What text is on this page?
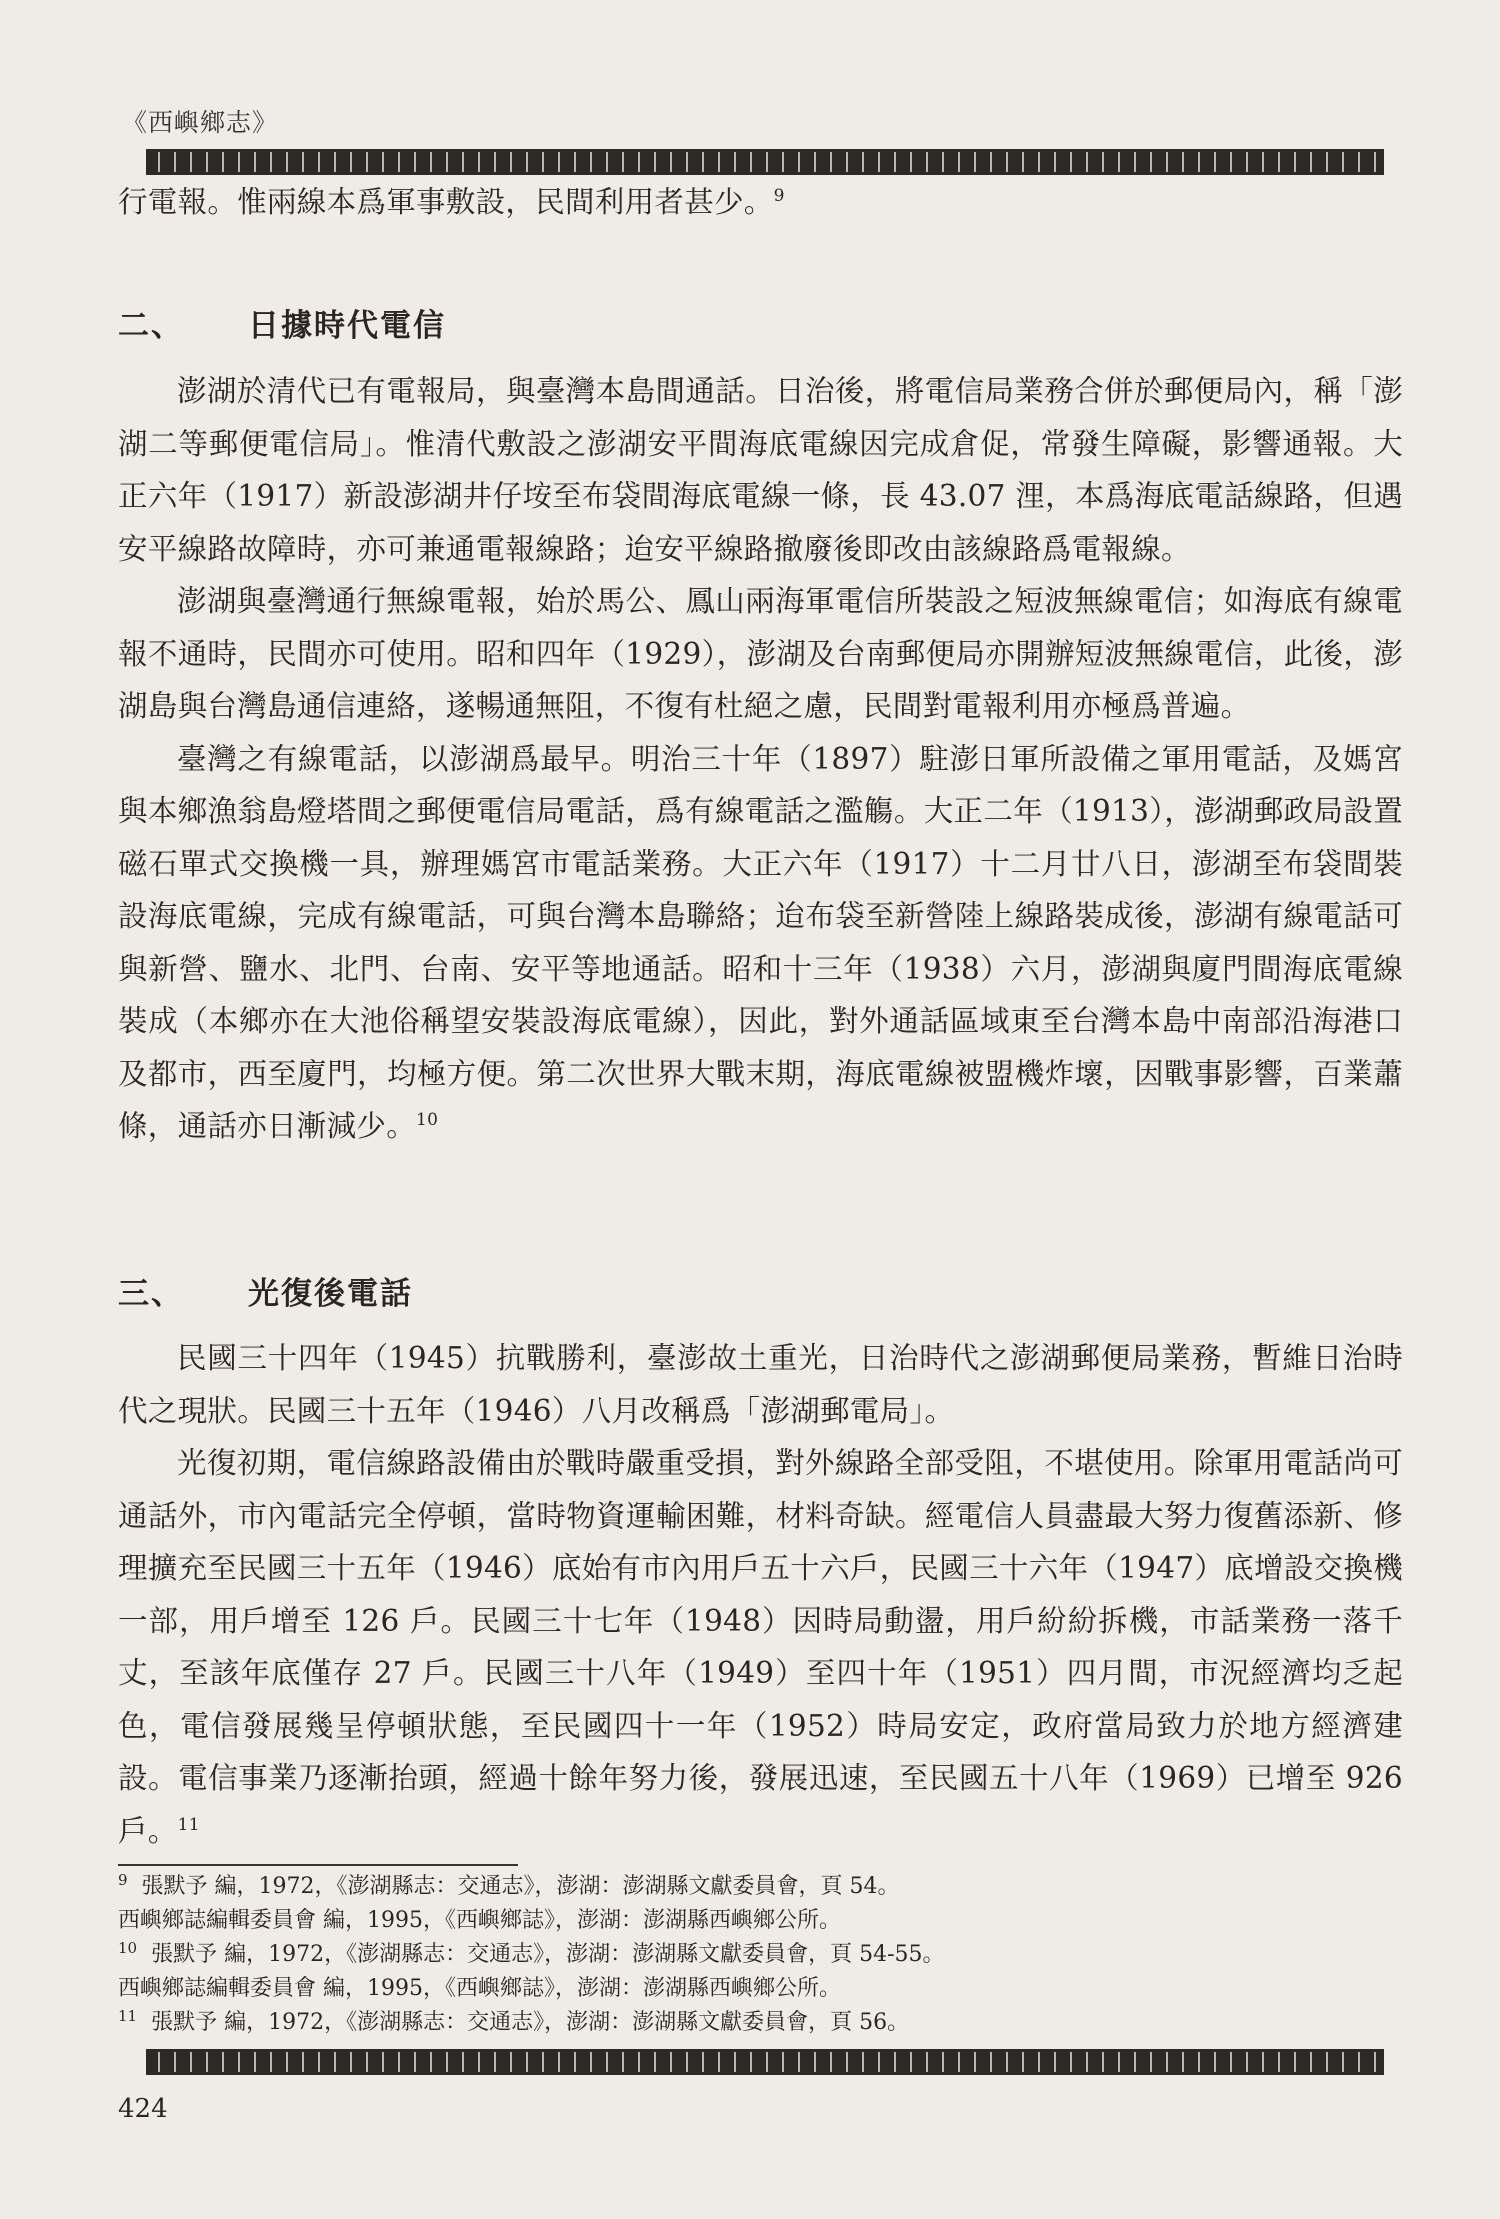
《西嶼鄉志》

行電報。惟兩線本爲軍事敷設，民間利用者甚少。$^9$

二、 日據時代電信

澎湖於清代已有電報局，與臺灣本島間通話。日治後，將電信局業務合併於郵便局內，稱「澎湖二等郵便電信局」。惟清代敷設之澎湖安平間海底電線因完成倉促，常發生障礙，影響通報。大正六年（1917）新設澎湖井仔垵至布袋間海底電線一條，長 43.07 浬，本爲海底電話線路，但遇安平線路故障時，亦可兼通電報線路；迨安平線路撤廢後即改由該線路爲電報線。

澎湖與臺灣通行無線電報，始於馬公、鳳山兩海軍電信所裝設之短波無線電信；如海底有線電報不通時，民間亦可使用。昭和四年（1929），澎湖及台南郵便局亦開辦短波無線電信，此後，澎湖島與台灣島通信連絡，遂暢通無阻，不復有杜絕之慮，民間對電報利用亦極爲普遍。

臺灣之有線電話，以澎湖爲最早。明治三十年（1897）駐澎日軍所設備之軍用電話，及媽宮與本鄉漁翁島燈塔間之郵便電信局電話，爲有線電話之濫觴。大正二年（1913），澎湖郵政局設置磁石單式交換機一具，辦理媽宮市電話業務。大正六年（1917）十二月廿八日，澎湖至布袋間裝設海底電線，完成有線電話，可與台灣本島聯絡；迨布袋至新營陸上線路裝成後，澎湖有線電話可與新營、鹽水、北門、台南、安平等地通話。昭和十三年（1938）六月，澎湖與廈門間海底電線裝成（本鄉亦在大池俗稱望安裝設海底電線），因此，對外通話區域東至台灣本島中南部沿海港口及都市，西至廈門，均極方便。第二次世界大戰末期，海底電線被盟機炸壞，因戰事影響，百業蕭條，通話亦日漸減少。$^{10}$

三、 光復後電話

民國三十四年（1945）抗戰勝利，臺澎故土重光，日治時代之澎湖郵便局業務，暫維日治時代之現狀。民國三十五年（1946）八月改稱爲「澎湖郵電局」。

光復初期，電信線路設備由於戰時嚴重受損，對外線路全部受阻，不堪使用。除軍用電話尚可通話外，市內電話完全停頓，當時物資運輸困難，材料奇缺。經電信人員盡最大努力復舊添新、修理擴充至民國三十五年（1946）底始有市內用戶五十六戶，民國三十六年（1947）底增設交換機一部，用戶增至 126 戶。民國三十七年（1948）因時局動盪，用戶紛紛拆機，市話業務一落千丈，至該年底僅存 27 戶。民國三十八年（1949）至四十年（1951）四月間，市況經濟均乏起色，電信發展幾呈停頓狀態，至民國四十一年（1952）時局安定，政府當局致力於地方經濟建設。電信事業乃逐漸抬頭，經過十餘年努力後，發展迅速，至民國五十八年（1969）已增至 926 戶。$^{11}$

$^9$ 張默予 編，1972，《澎湖縣志：交通志》，澎湖：澎湖縣文獻委員會，頁 54。
西嶼鄉誌編輯委員會 編，1995，《西嶼鄉誌》，澎湖：澎湖縣西嶼鄉公所。
$^{10}$ 張默予 編，1972，《澎湖縣志：交通志》，澎湖：澎湖縣文獻委員會，頁 54-55。
西嶼鄉誌編輯委員會 編，1995，《西嶼鄉誌》，澎湖：澎湖縣西嶼鄉公所。
$^{11}$ 張默予 編，1972，《澎湖縣志：交通志》，澎湖：澎湖縣文獻委員會，頁 56。
424
